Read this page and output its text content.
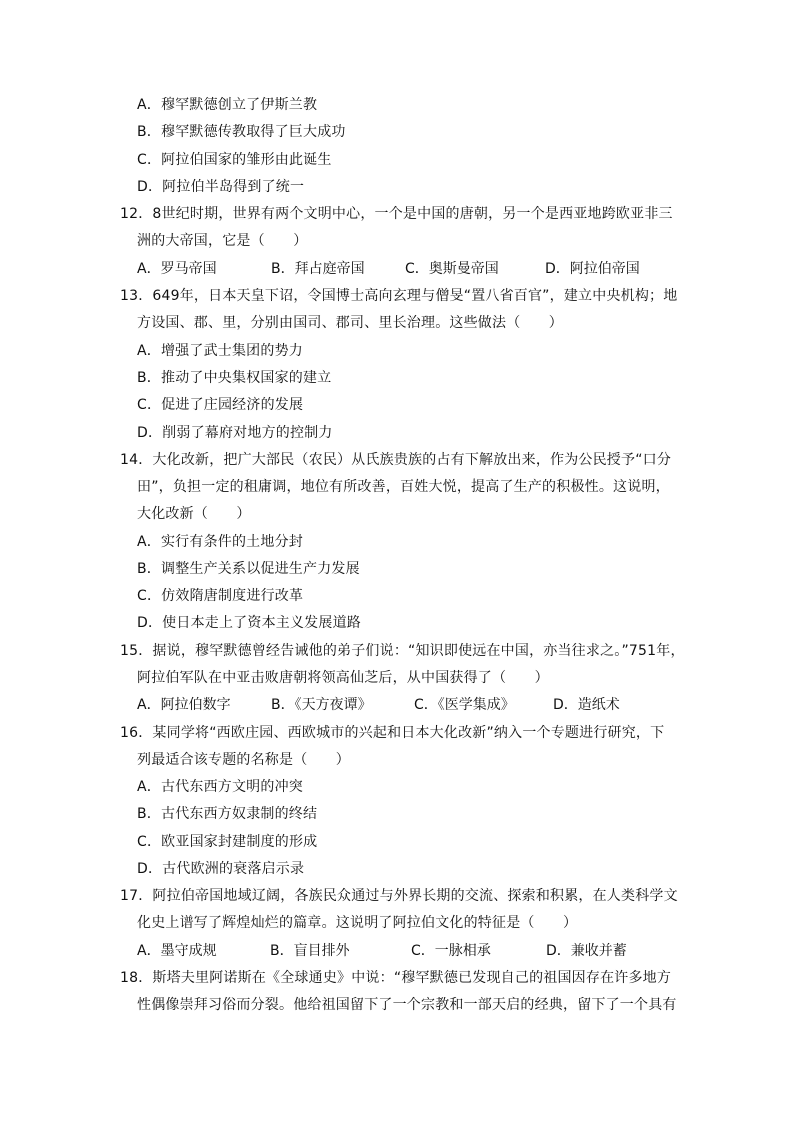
A．穆罕默德创立了伊斯兰教
B．穆罕默德传教取得了巨大成功
C．阿拉伯国家的雏形由此诞生
D．阿拉伯半岛得到了统一
12．8世纪时期，世界有两个文明中心，一个是中国的唐朝，另一个是西亚地跨欧亚非三
洲的大帝国，它是（　　）
A．罗马帝国	B．拜占庭帝国	C．奥斯曼帝国	D．阿拉伯帝国
13．649年，日本天皇下诏，令国博士高向玄理与僧旻“置八省百官”，建立中央机构；地
方设国、郡、里，分别由国司、郡司、里长治理。这些做法（　　）
A．增强了武士集团的势力
B．推动了中央集权国家的建立
C．促进了庄园经济的发展
D．削弱了幕府对地方的控制力
14．大化改新，把广大部民（农民）从氏族贵族的占有下解放出来，作为公民授予“口分
田”，负担一定的租庸调，地位有所改善，百姓大悦，提高了生产的积极性。这说明，
大化改新（　　）
A．实行有条件的土地分封
B．调整生产关系以促进生产力发展
C．仿效隋唐制度进行改革
D．使日本走上了资本主义发展道路
15．据说，穆罕默德曾经告诫他的弟子们说：“知识即使远在中国，亦当往求之。”751年，
阿拉伯军队在中亚击败唐朝将领高仙芝后，从中国获得了（　　）
A．阿拉伯数字	B．《天方夜谭》	C．《医学集成》	D．造纸术
16．某同学将“西欧庄园、西欧城市的兴起和日本大化改新”纳入一个专题进行研究，下
列最适合该专题的名称是（　　）
A．古代东西方文明的冲突
B．古代东西方奴隶制的终结
C．欧亚国家封建制度的形成
D．古代欧洲的衰落启示录
17．阿拉伯帝国地域辽阔，各族民众通过与外界长期的交流、探索和积累，在人类科学文
化史上谱写了辉煌灿烂的篇章。这说明了阿拉伯文化的特征是（　　）
A．墨守成规	B．盲目排外	C．一脉相承	D．兼收并蓄
18．斯塔夫里阿诺斯在《全球通史》中说：“穆罕默德已发现自己的祖国因存在许多地方
性偶像崇拜习俗而分裂。他给祖国留下了一个宗教和一部天启的经典，留下了一个具有
